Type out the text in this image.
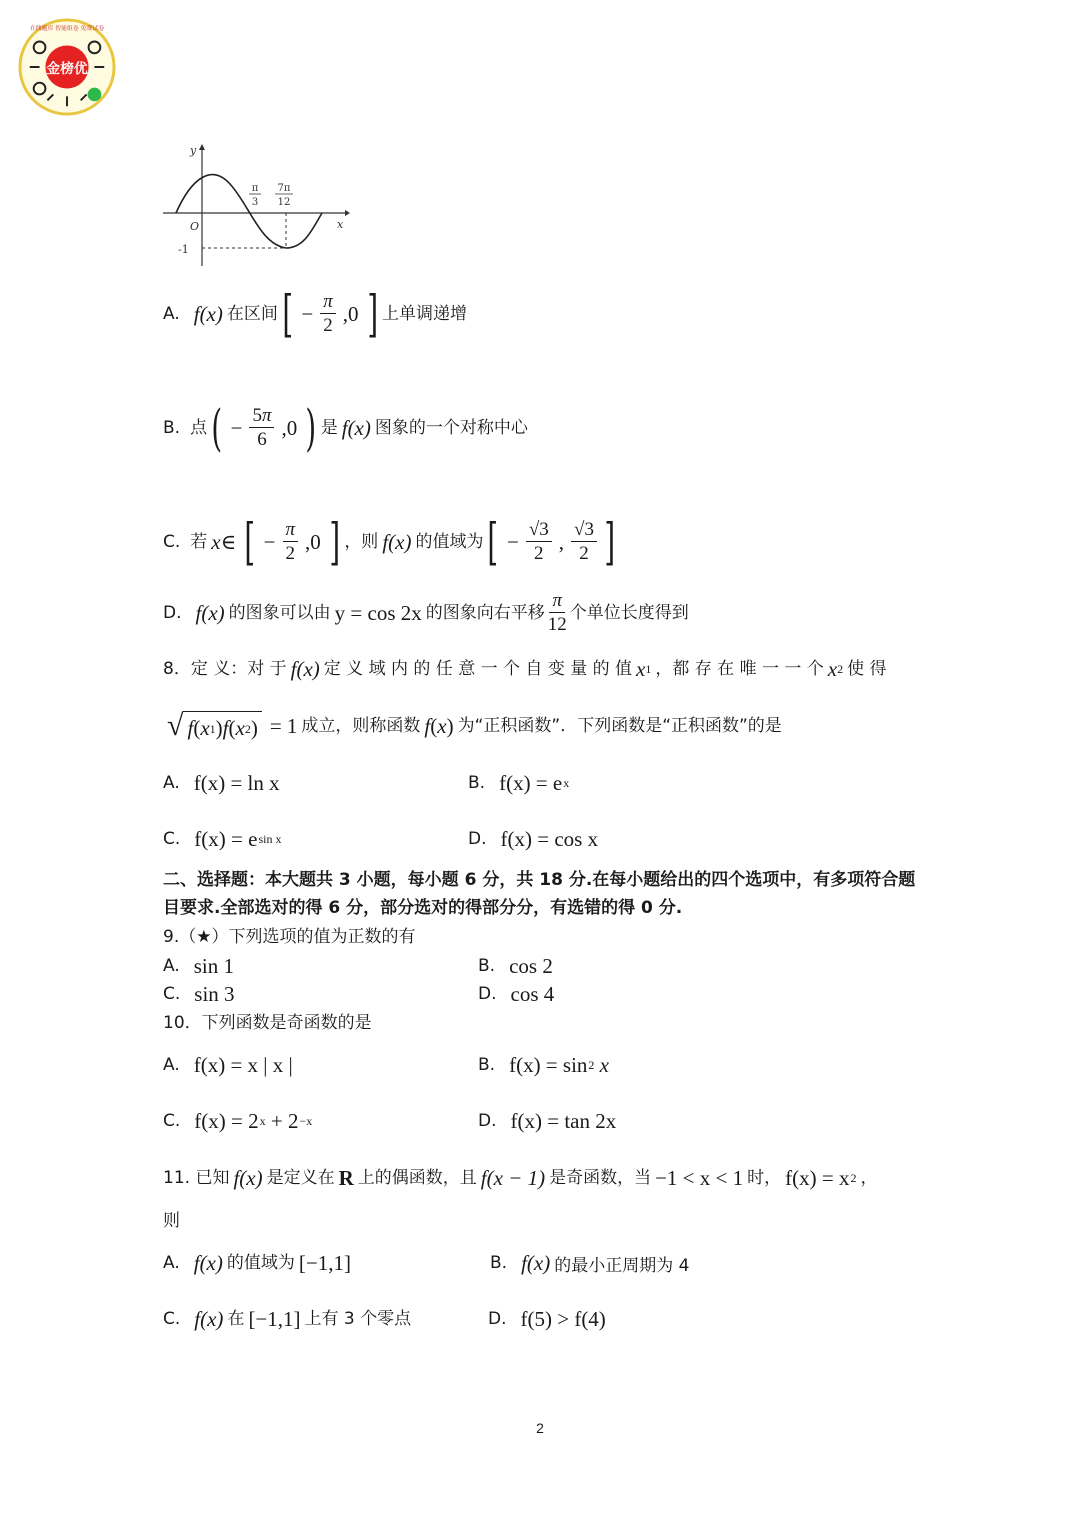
金榜优
在线题库 智能组卷 免费试卷
y
x
O
-1
π
3
7π
12
A. f(x) 在区间 [ − $\frac{\pi}{2} ,0$ ] 上单调递增
B. 点 ( − $\frac{5\pi}{6} ,0$ ) 是 f(x) 图象的一个对称中心
C. 若 x ∈ [ − $\frac{\pi}{2} ,0$ ] ，则 f(x) 的值域为 [ − $\frac{√3}{2}$ , $\frac{√3}{2}$ ]
D. f(x) 的图象可以由 y = cos 2x 的图象向右平移 $\frac{\pi}{12}$ 个单位长度得到
8．定 义：对 于 f(x) 定 义 域 内 的 任 意 一 个 自 变 量 的 值 x 1 ，都 存 在 唯 一 一 个 x 2 使 得
√ f ( x 1 ) f ( x 2 ) = 1 成立，则称函数 f ( x ) 为“正积函数”．下列函数是“正积函数”的是
A. f(x) = ln x	B. f(x) = e x
C. f(x) = e sin x	D. f(x) = cos x
二、选择题：本大题共 3 小题，每小题 6 分，共 18 分.在每小题给出的四个选项中，有多项符合题目要求.全部选对的得 6 分，部分选对的得部分分，有选错的得 0 分.
9.（★）下列选项的值为正数的有
A. sin 1	B. cos 2
C. sin 3	D. cos 4
10．下列函数是奇函数的是
A. f(x) = x | x |	B. f(x) = sin 2
x
C. f(x) = 2 x
+ 2 −x	D. f(x) = tan 2x
11. 已知 f(x) 是定义在 R 上的偶函数，且 f(x − 1) 是奇函数，当 −1 < x < 1 时， f(x) = x 2 ，
则
A. f(x) 的值域为 [−1,1]	B. f(x) 的最小正周期为 4
C. f(x) 在 [−1,1] 上有 3 个零点	D. f(5) > f(4)
2
